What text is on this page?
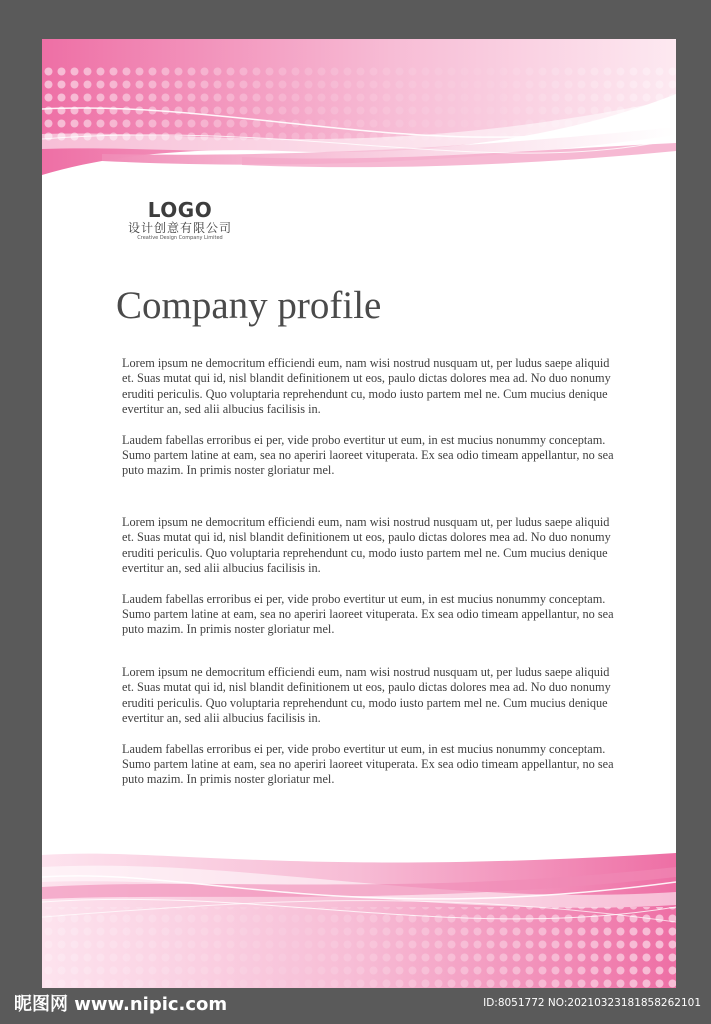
LOGO
设计创意有限公司
Creative Design Company Limited
Company profile

Lorem ipsum ne democritum efficiendi eum, nam wisi nostrud nusquam ut, per ludus saepe aliquid et. Suas mutat qui id, nisl blandit definitionem ut eos, paulo dictas dolores mea ad. No duo nonumy eruditi periculis. Quo voluptaria reprehendunt cu, modo iusto partem mel ne. Cum mucius denique evertitur an, sed alii albucius facilisis in.

Laudem fabellas erroribus ei per, vide probo evertitur ut eum, in est mucius nonummy conceptam. Sumo partem latine at eam, sea no aperiri laoreet vituperata. Ex sea odio timeam appellantur, no sea puto mazim. In primis noster gloriatur mel.

Lorem ipsum ne democritum efficiendi eum, nam wisi nostrud nusquam ut, per ludus saepe aliquid et. Suas mutat qui id, nisl blandit definitionem ut eos, paulo dictas dolores mea ad. No duo nonumy eruditi periculis. Quo voluptaria reprehendunt cu, modo iusto partem mel ne. Cum mucius denique evertitur an, sed alii albucius facilisis in.

Laudem fabellas erroribus ei per, vide probo evertitur ut eum, in est mucius nonummy conceptam. Sumo partem latine at eam, sea no aperiri laoreet vituperata. Ex sea odio timeam appellantur, no sea puto mazim. In primis noster gloriatur mel.

Lorem ipsum ne democritum efficiendi eum, nam wisi nostrud nusquam ut, per ludus saepe aliquid et. Suas mutat qui id, nisl blandit definitionem ut eos, paulo dictas dolores mea ad. No duo nonumy eruditi periculis. Quo voluptaria reprehendunt cu, modo iusto partem mel ne. Cum mucius denique evertitur an, sed alii albucius facilisis in.

Laudem fabellas erroribus ei per, vide probo evertitur ut eum, in est mucius nonummy conceptam. Sumo partem latine at eam, sea no aperiri laoreet vituperata. Ex sea odio timeam appellantur, no sea puto mazim. In primis noster gloriatur mel.

昵图网 www.nipic.com	ID:8051772 NO:20210323181858262101
